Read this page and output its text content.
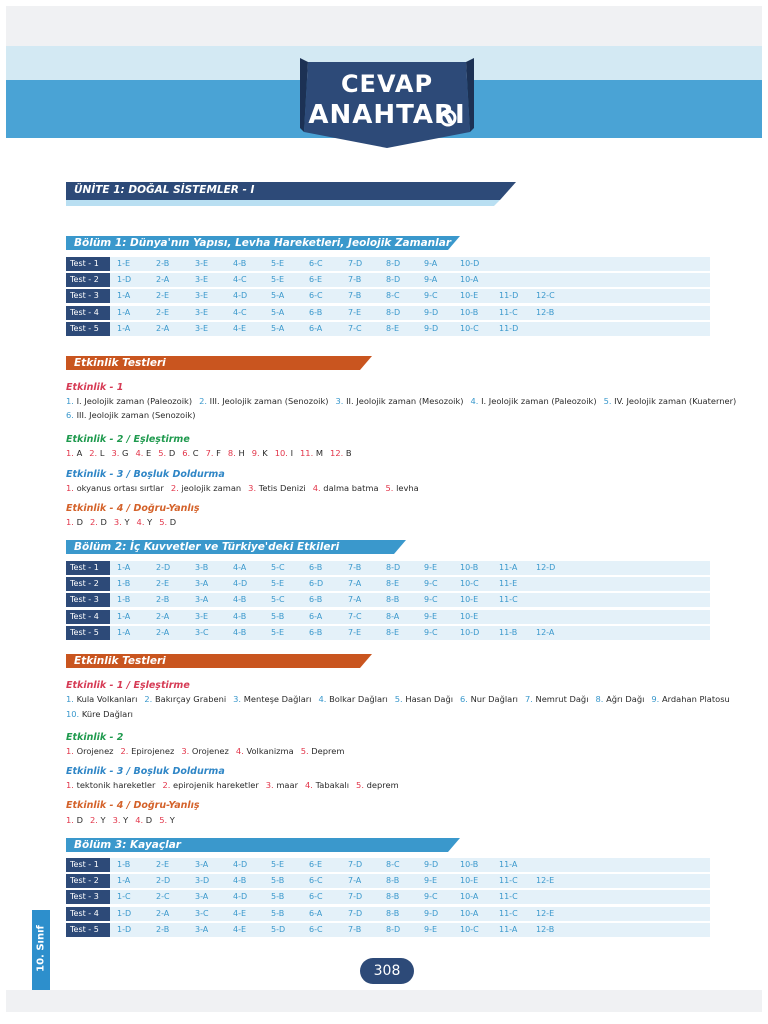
CEVAP
ANAHTARI
ÜNİTE 1: DOĞAL SİSTEMLER - I
Bölüm 1: Dünya'nın Yapısı, Levha Hareketleri, Jeolojik Zamanlar
Test - 1	1-E	2-B	3-E	4-B	5-E	6-C	7-D	8-D	9-A	10-D
Test - 2	1-D	2-A	3-E	4-C	5-E	6-E	7-B	8-D	9-A	10-A
Test - 3	1-A	2-E	3-E	4-D	5-A	6-C	7-B	8-C	9-C	10-E	11-D 12-C
Test - 4	1-A	2-E	3-E	4-C	5-A	6-B	7-E	8-D	9-D	10-B	11-C 12-B
Test - 5	1-A	2-A	3-E	4-E	5-A	6-A	7-C	8-E	9-D	10-C	11-D
Etkinlik Testleri
Etkinlik - 1
1. I. Jeolojik zaman (Paleozoik) 2. III. Jeolojik zaman (Senozoik) 3. II. Jeolojik zaman (Mesozoik) 4. I. Jeolojik zaman (Paleozoik) 5. IV. Jeolojik zaman (Kuaterner)
6. III. Jeolojik zaman (Senozoik)
Etkinlik - 2 / Eşleştirme
1. A 2. L 3. G 4. E 5. D 6. C 7. F 8. H 9. K 10. I 11. M 12. B
Etkinlik - 3 / Boşluk Doldurma
1. okyanus ortası sırtlar 2. jeolojik zaman 3. Tetis Denizi 4. dalma batma 5. levha
Etkinlik - 4 / Doğru-Yanlış
1. D 2. D 3. Y 4. Y 5. D
Bölüm 2: İç Kuvvetler ve Türkiye'deki Etkileri
Test - 1	1-A	2-D	3-B	4-A	5-C	6-B	7-B	8-D	9-E	10-B	11-A 12-D
Test - 2	1-B	2-E	3-A	4-D	5-E	6-D	7-A	8-E	9-C	10-C	11-E
Test - 3	1-B	2-B	3-A	4-B	5-C	6-B	7-A	8-B	9-C	10-E	11-C
Test - 4	1-A	2-A	3-E	4-B	5-B	6-A	7-C	8-A	9-E	10-E
Test - 5	1-A	2-A	3-C	4-B	5-E	6-B	7-E	8-E	9-C	10-D 11-B 12-A
Etkinlik Testleri
Etkinlik - 1 / Eşleştirme
1. Kula Volkanları 2. Bakırçay Grabeni 3. Menteşe Dağları 4. Bolkar Dağları 5. Hasan Dağı 6. Nur Dağları 7. Nemrut Dağı 8. Ağrı Dağı 9. Ardahan Platosu
10. Küre Dağları
Etkinlik - 2
1. Orojenez 2. Epirojenez 3. Orojenez 4. Volkanizma 5. Deprem
Etkinlik - 3 / Boşluk Doldurma
1. tektonik hareketler 2. epirojenik hareketler 3. maar 4. Tabakalı 5. deprem
Etkinlik - 4 / Doğru-Yanlış
1. D 2. Y 3. Y 4. D 5. Y
Bölüm 3: Kayaçlar
Test - 1	1-B	2-E	3-A	4-D	5-E	6-E	7-D	8-C	9-D	10-B	11-A
Test - 2	1-A	2-D	3-D	4-B	5-B	6-C	7-A	8-B	9-E	10-E	11-C 12-E
Test - 3	1-C	2-C	3-A	4-D	5-B	6-C	7-D	8-B	9-C	10-A	11-C
Test - 4	1-D	2-A	3-C	4-E	5-B	6-A	7-D	8-B	9-D	10-A	11-C 12-E
Test - 5	1-D	2-B	3-A	4-E	5-D	6-C	7-B	8-D	9-E	10-C	11-A 12-B
10. Sınıf	308
